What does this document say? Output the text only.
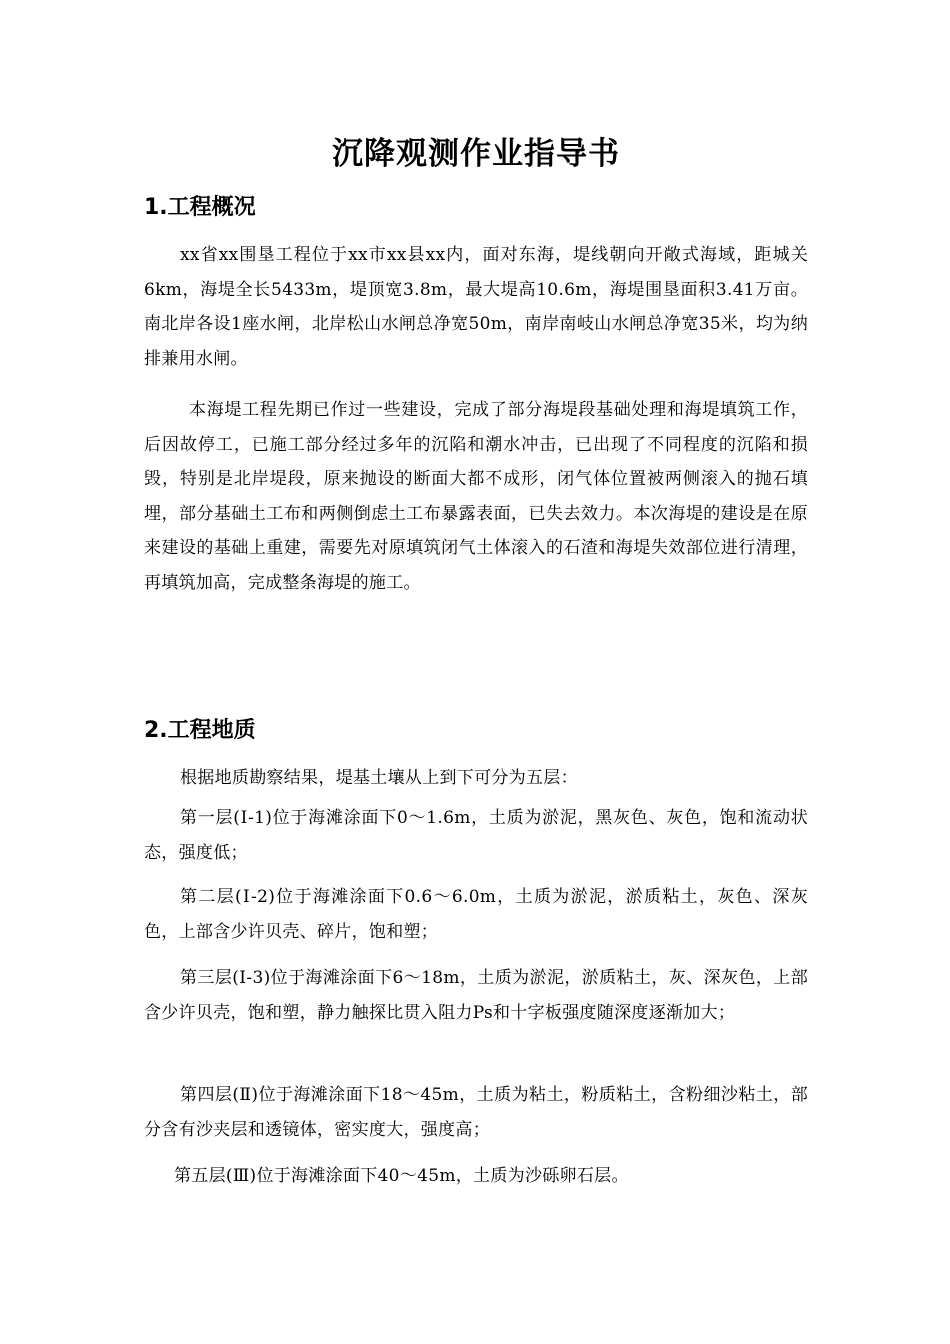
沉降观测作业指导书
1.工程概况

xx省xx围垦工程位于xx市xx县xx内，面对东海，堤线朝向开敞式海域，距城关6km，海堤全长5433m，堤顶宽3.8m，最大堤高10.6m，海堤围垦面积3.41万亩。南北岸各设1座水闸，北岸松山水闸总净宽50m，南岸南岐山水闸总净宽35米，均为纳排兼用水闸。

本海堤工程先期已作过一些建设，完成了部分海堤段基础处理和海堤填筑工作，后因故停工，已施工部分经过多年的沉陷和潮水冲击，已出现了不同程度的沉陷和损毁，特别是北岸堤段，原来抛设的断面大都不成形，闭气体位置被两侧滚入的抛石填埋，部分基础土工布和两侧倒虑土工布暴露表面，已失去效力。本次海堤的建设是在原来建设的基础上重建，需要先对原填筑闭气土体滚入的石渣和海堤失效部位进行清理，再填筑加高，完成整条海堤的施工。

2.工程地质

根据地质勘察结果，堤基土壤从上到下可分为五层：

第一层(Ⅰ-1)位于海滩涂面下0～1.6m，土质为淤泥，黑灰色、灰色，饱和流动状态，强度低；

第二层(Ⅰ-2)位于海滩涂面下0.6～6.0m，土质为淤泥，淤质粘土，灰色、深灰色，上部含少许贝壳、碎片，饱和塑；

第三层(Ⅰ-3)位于海滩涂面下6～18m，土质为淤泥，淤质粘土，灰、深灰色，上部含少许贝壳，饱和塑，静力触探比贯入阻力Ps和十字板强度随深度逐渐加大；

第四层(Ⅱ)位于海滩涂面下18～45m，土质为粘土，粉质粘土，含粉细沙粘土，部分含有沙夹层和透镜体，密实度大，强度高；

第五层(Ⅲ)位于海滩涂面下40～45m，土质为沙砾卵石层。
